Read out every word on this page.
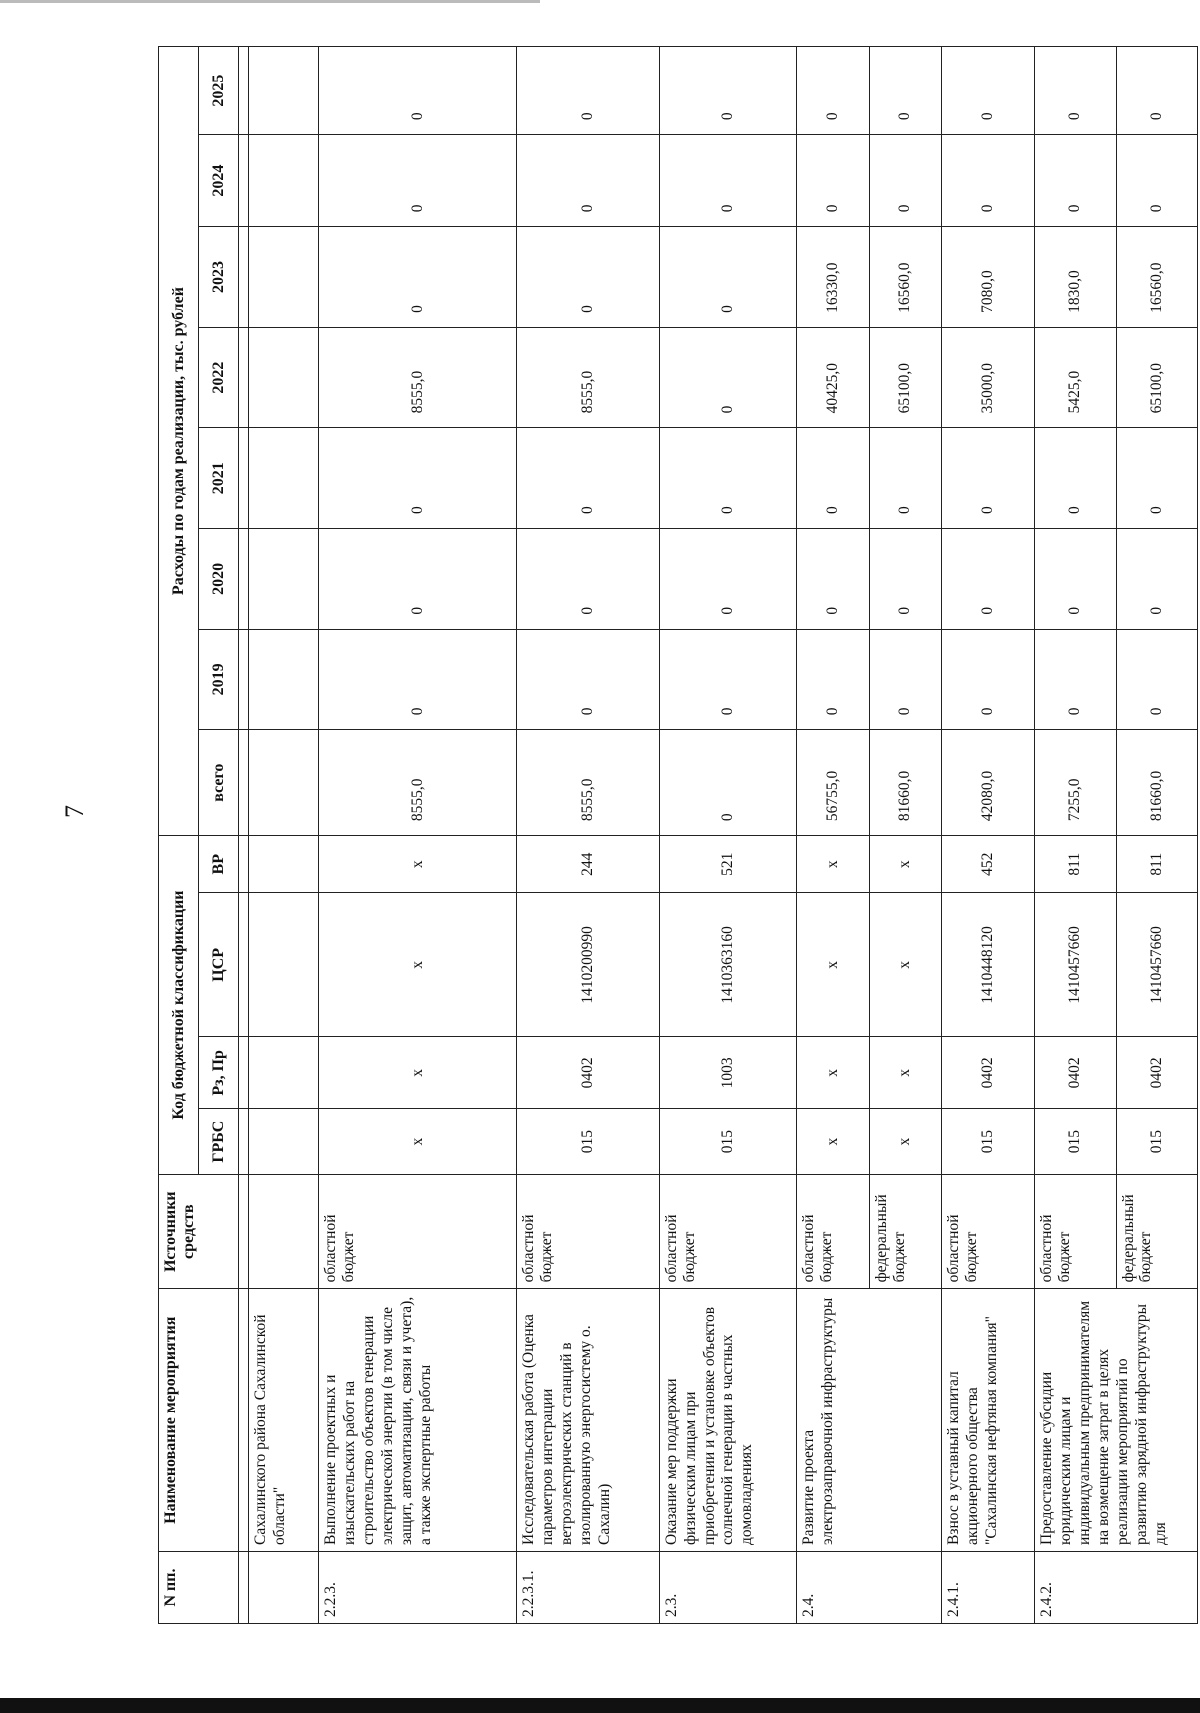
7
N пп.	Наименование мероприятия	Источники средств	Код бюджетной классификации				Расходы по годам реализации, тыс. рублей							
			ГРБС	Рз, Пр	ЦСР	ВР	всего	2019	2020	2021	2022	2023	2024	2025

	Сахалинского района Сахалинской области"													
2.2.3.	Выполнение проектных и изыскательских работ на строительство объектов генерации электрической энергии (в том числе защит, автоматизации, связи и учета), а также экспертные работы	областной бюджет	x	x	x	x	8555,0	0	0	0	8555,0	0	0	0
2.2.3.1.	Исследовательская работа (Оценка параметров интеграции ветроэлектрических станций в изолированную энергосистему о. Сахалин)	областной бюджет	015	0402	1410200990	244	8555,0	0	0	0	8555,0	0	0	0
2.3.	Оказание мер поддержки физическим лицам при приобретении и установке объектов солнечной генерации в частных домовладениях	областной бюджет	015	1003	1410363160	521	0	0	0	0	0	0	0	0
2.4.	Развитие проекта электрозаправочной инфраструктуры	областной бюджет	x	x	x	x	56755,0	0	0	0	40425,0	16330,0	0	0
		федеральный бюджет	x	x	x	x	81660,0	0	0	0	65100,0	16560,0	0	0
2.4.1.	Взнос в уставный капитал акционерного общества "Сахалинская нефтяная компания"	областной бюджет	015	0402	1410448120	452	42080,0	0	0	0	35000,0	7080,0	0	0
2.4.2.	Предоставление субсидии юридическим лицам и индивидуальным предпринимателям на возмещение затрат в целях реализации мероприятий по развитию зарядной инфраструктуры для	областной бюджет	015	0402	1410457660	811	7255,0	0	0	0	5425,0	1830,0	0	0
		федеральный бюджет	015	0402	1410457660	811	81660,0	0	0	0	65100,0	16560,0	0	0
